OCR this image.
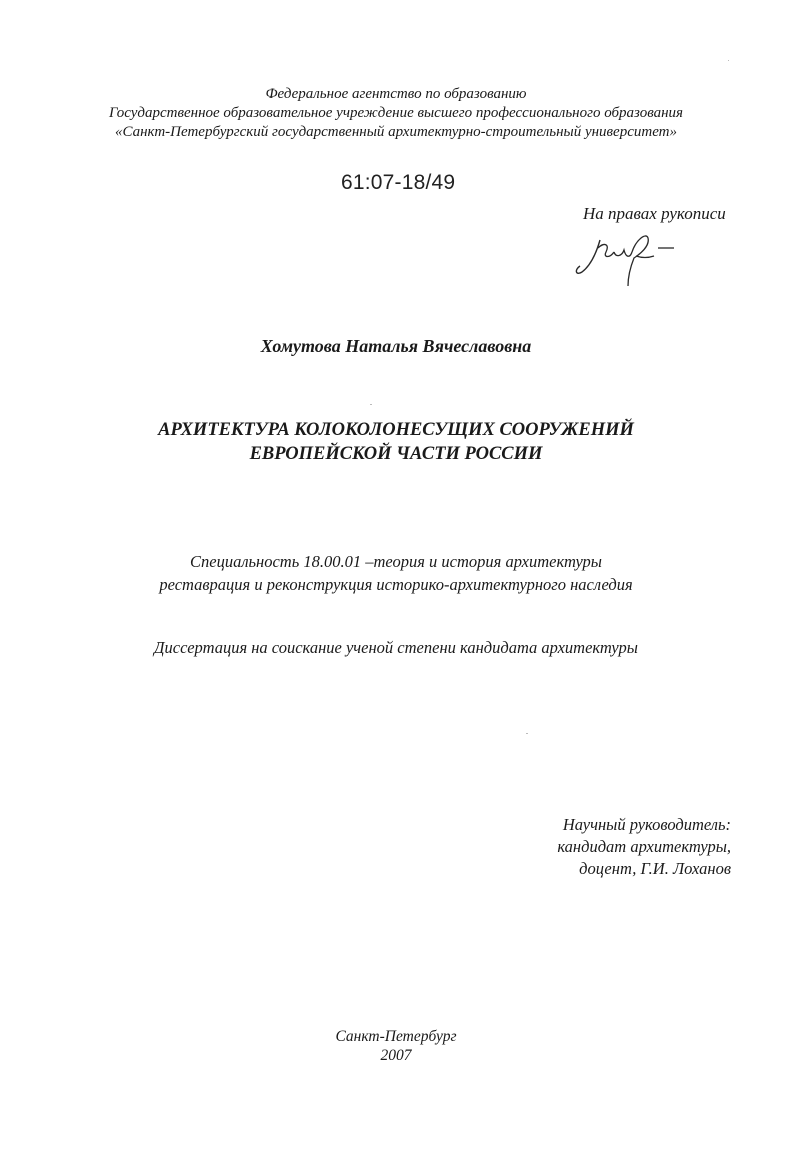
Федеральное агентство по образованию
Государственное образовательное учреждение высшего профессионального образования
«Санкт-Петербургский государственный архитектурно-строительный университет»
61:07-18/49
На правах рукописи
Хомутова Наталья Вячеславовна
АРХИТЕКТУРА КОЛОКОЛОНЕСУЩИХ СООРУЖЕНИЙ
ЕВРОПЕЙСКОЙ ЧАСТИ РОССИИ
Специальность 18.00.01 –теория и история архитектуры
реставрация и реконструкция историко-архитектурного наследия
Диссертация на соискание ученой степени кандидата архитектуры
Научный руководитель:
кандидат архитектуры,
доцент, Г.И. Лоханов
Санкт-Петербург
2007
